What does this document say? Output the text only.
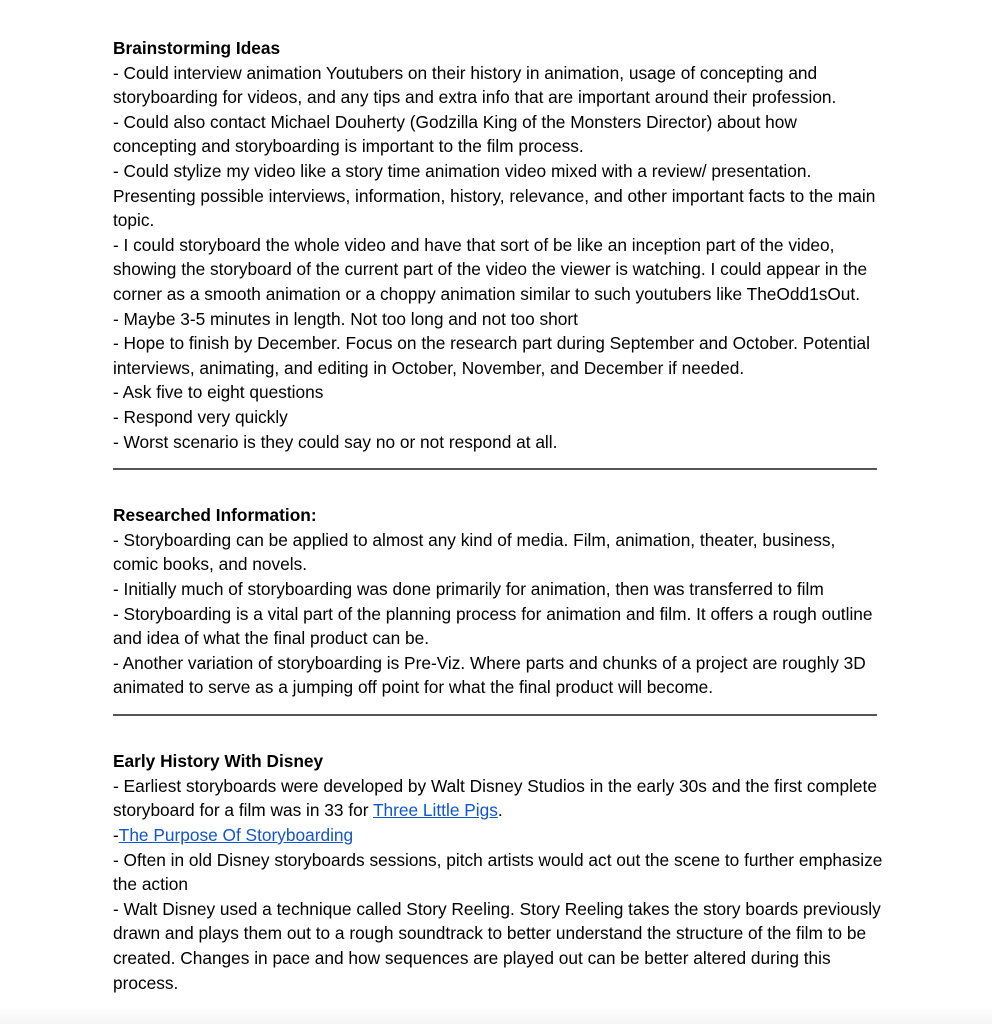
Brainstorming Ideas

- Could interview animation Youtubers on their history in animation, usage of concepting and storyboarding for videos, and any tips and extra info that are important around their profession.

- Could also contact Michael Douherty (Godzilla King of the Monsters Director) about how concepting and storyboarding is important to the film process.

- Could stylize my video like a story time animation video mixed with a review/ presentation. Presenting possible interviews, information, history, relevance, and other important facts to the main topic.

- I could storyboard the whole video and have that sort of be like an inception part of the video, showing the storyboard of the current part of the video the viewer is watching. I could appear in the corner as a smooth animation or a choppy animation similar to such youtubers like TheOdd1sOut.

- Maybe 3-5 minutes in length. Not too long and not too short

- Hope to finish by December. Focus on the research part during September and October. Potential interviews, animating, and editing in October, November, and December if needed.

- Ask five to eight questions

- Respond very quickly

- Worst scenario is they could say no or not respond at all.

Researched Information:

- Storyboarding can be applied to almost any kind of media. Film, animation, theater, business, comic books, and novels.

- Initially much of storyboarding was done primarily for animation, then was transferred to film

- Storyboarding is a vital part of the planning process for animation and film. It offers a rough outline and idea of what the final product can be.

- Another variation of storyboarding is Pre-Viz. Where parts and chunks of a project are roughly 3D animated to serve as a jumping off point for what the final product will become.

Early History With Disney

- Earliest storyboards were developed by Walt Disney Studios in the early 30s and the first complete storyboard for a film was in 33 for Three Little Pigs.

-The Purpose Of Storyboarding

- Often in old Disney storyboards sessions, pitch artists would act out the scene to further emphasize the action

- Walt Disney used a technique called Story Reeling. Story Reeling takes the story boards previously drawn and plays them out to a rough soundtrack to better understand the structure of the film to be created. Changes in pace and how sequences are played out can be better altered during this process.
